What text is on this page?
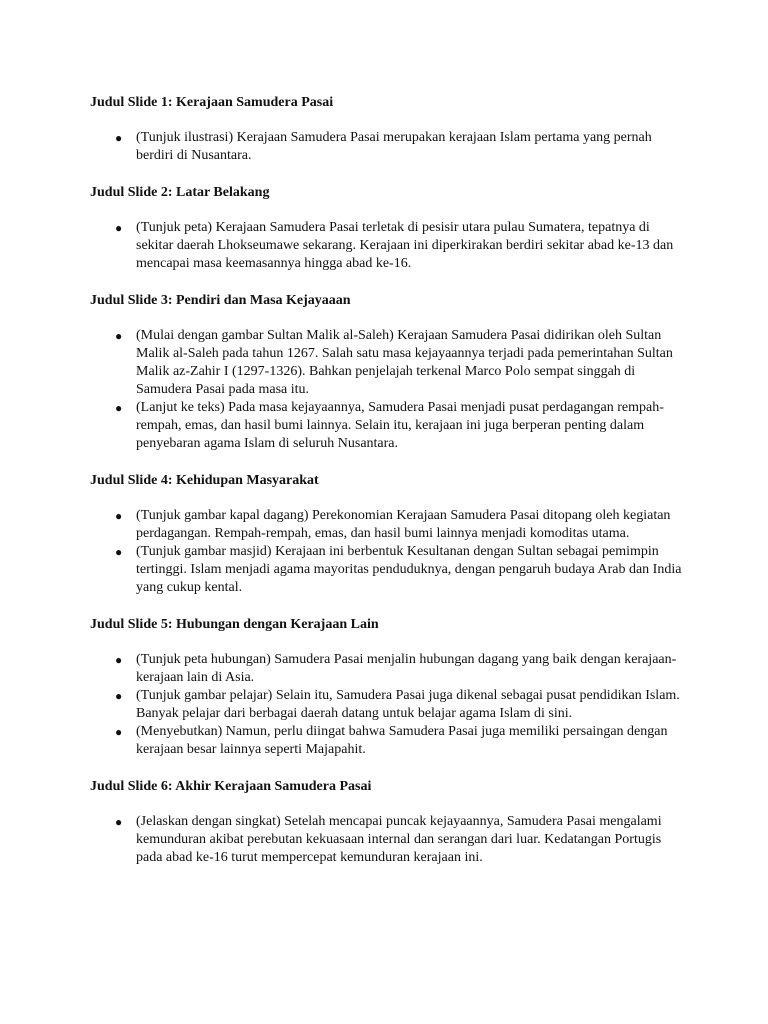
Judul Slide 1: Kerajaan Samudera Pasai
● (Tunjuk ilustrasi) Kerajaan Samudera Pasai merupakan kerajaan Islam pertama yang pernah berdiri di Nusantara.
Judul Slide 2: Latar Belakang
● (Tunjuk peta) Kerajaan Samudera Pasai terletak di pesisir utara pulau Sumatera, tepatnya di sekitar daerah Lhokseumawe sekarang. Kerajaan ini diperkirakan berdiri sekitar abad ke-13 dan mencapai masa keemasannya hingga abad ke-16.
Judul Slide 3: Pendiri dan Masa Kejayaaan
● (Mulai dengan gambar Sultan Malik al-Saleh) Kerajaan Samudera Pasai didirikan oleh Sultan Malik al-Saleh pada tahun 1267. Salah satu masa kejayaannya terjadi pada pemerintahan Sultan Malik az-Zahir I (1297-1326). Bahkan penjelajah terkenal Marco Polo sempat singgah di Samudera Pasai pada masa itu.
● (Lanjut ke teks) Pada masa kejayaannya, Samudera Pasai menjadi pusat perdagangan rempah-rempah, emas, dan hasil bumi lainnya. Selain itu, kerajaan ini juga berperan penting dalam penyebaran agama Islam di seluruh Nusantara.
Judul Slide 4: Kehidupan Masyarakat
● (Tunjuk gambar kapal dagang) Perekonomian Kerajaan Samudera Pasai ditopang oleh kegiatan perdagangan. Rempah-rempah, emas, dan hasil bumi lainnya menjadi komoditas utama.
● (Tunjuk gambar masjid) Kerajaan ini berbentuk Kesultanan dengan Sultan sebagai pemimpin tertinggi. Islam menjadi agama mayoritas penduduknya, dengan pengaruh budaya Arab dan India yang cukup kental.
Judul Slide 5: Hubungan dengan Kerajaan Lain
● (Tunjuk peta hubungan) Samudera Pasai menjalin hubungan dagang yang baik dengan kerajaan-kerajaan lain di Asia.
● (Tunjuk gambar pelajar) Selain itu, Samudera Pasai juga dikenal sebagai pusat pendidikan Islam. Banyak pelajar dari berbagai daerah datang untuk belajar agama Islam di sini.
● (Menyebutkan) Namun, perlu diingat bahwa Samudera Pasai juga memiliki persaingan dengan kerajaan besar lainnya seperti Majapahit.
Judul Slide 6: Akhir Kerajaan Samudera Pasai
● (Jelaskan dengan singkat) Setelah mencapai puncak kejayaannya, Samudera Pasai mengalami kemunduran akibat perebutan kekuasaan internal dan serangan dari luar. Kedatangan Portugis pada abad ke-16 turut mempercepat kemunduran kerajaan ini.
